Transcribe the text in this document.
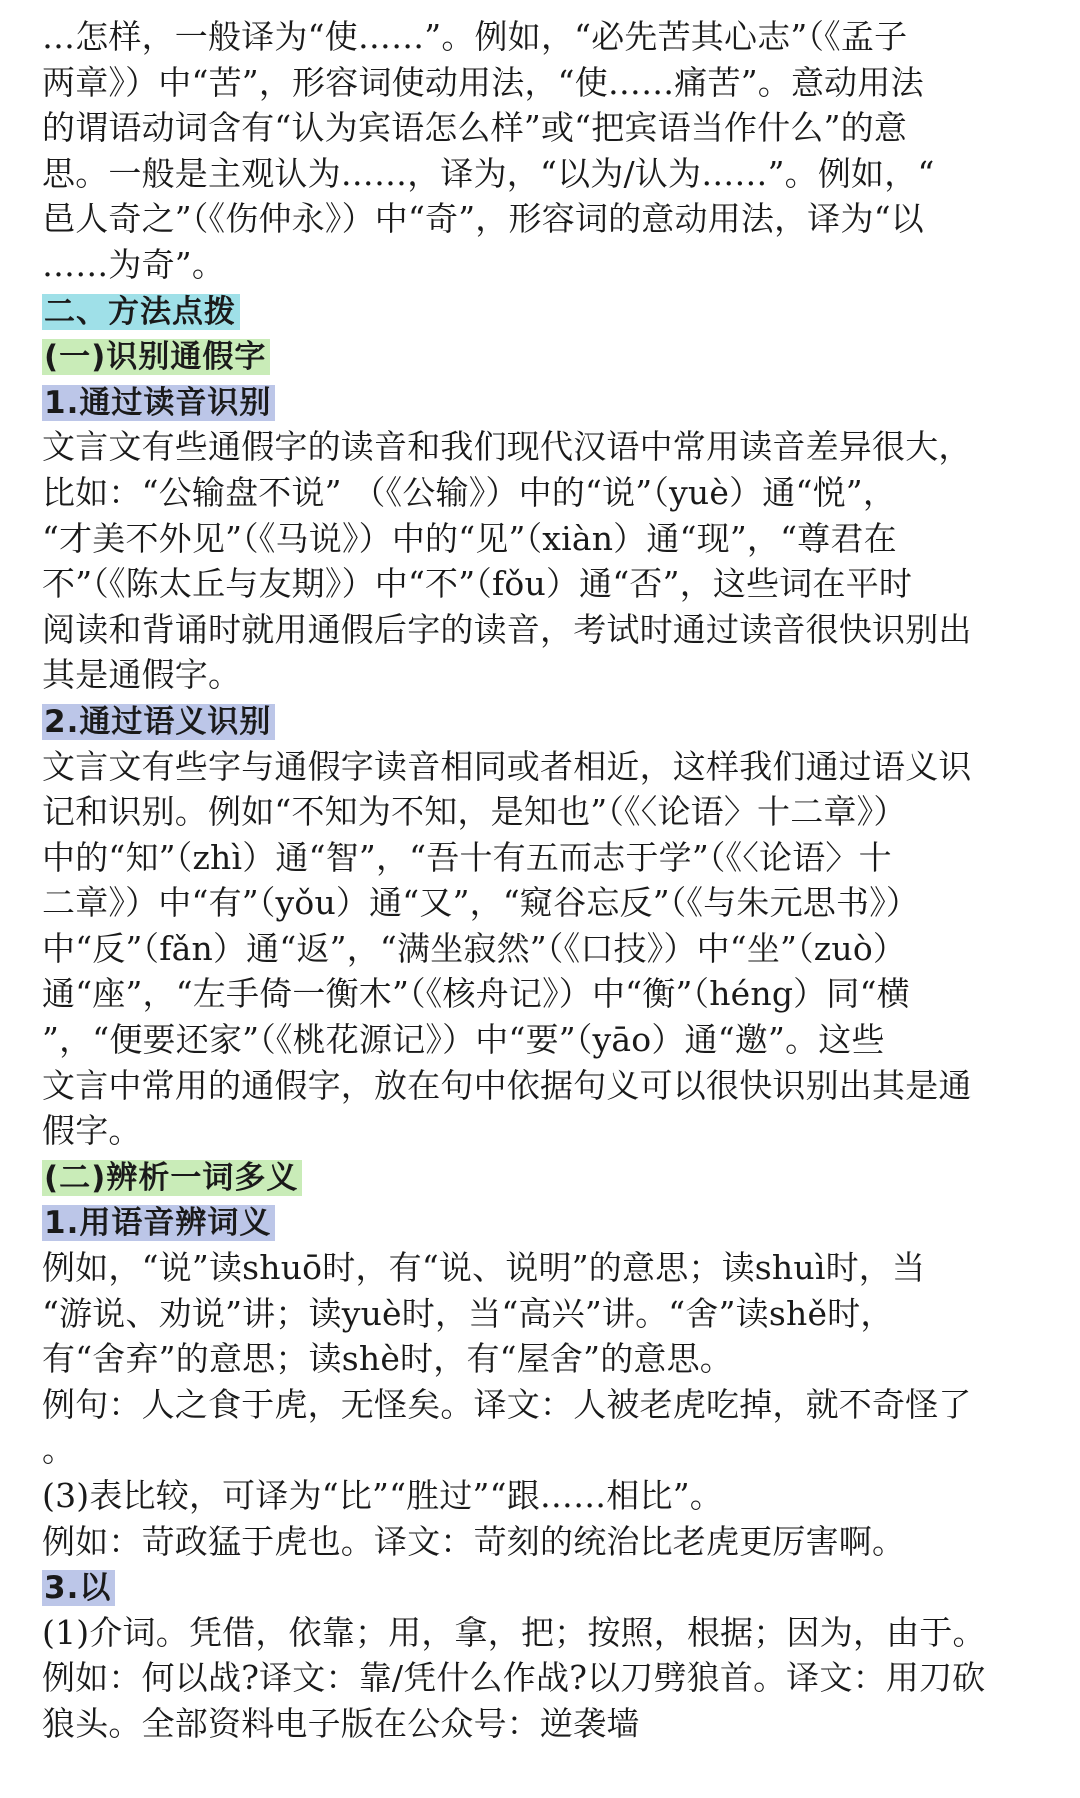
…怎样，一般译为“使……”。例如，“必先苦其心志”（《孟子
两章》）中“苦”，形容词使动用法，“使……痛苦”。意动用法
的谓语动词含有“认为宾语怎么样”或“把宾语当作什么”的意
思。一般是主观认为……，译为，“以为/认为……”。例如，“
邑人奇之”（《伤仲永》）中“奇”，形容词的意动用法，译为“以
……为奇”。
二、方法点拨
(一)识别通假字
1.通过读音识别
文言文有些通假字的读音和我们现代汉语中常用读音差异很大，
比如：“公输盘不说” （《公输》）中的“说”（yuè）通“悦”，
“才美不外见”（《马说》）中的“见”（xiàn）通“现”，“尊君在
不”（《陈太丘与友期》）中“不”（fǒu）通“否”，这些词在平时
阅读和背诵时就用通假后字的读音，考试时通过读音很快识别出
其是通假字。
2.通过语义识别
文言文有些字与通假字读音相同或者相近，这样我们通过语义识
记和识别。例如“不知为不知，是知也”（《〈论语〉十二章》）
中的“知”（zhì）通“智”，“吾十有五而志于学”（《〈论语〉十
二章》）中“有”（yǒu）通“又”，“窥谷忘反”（《与朱元思书》）
中“反”（fǎn）通“返”，“满坐寂然”（《口技》）中“坐”（zuò）
通“座”，“左手倚一衡木”（《核舟记》）中“衡”（héng）同“横
”，“便要还家”（《桃花源记》）中“要”（yāo）通“邀”。这些
文言中常用的通假字，放在句中依据句义可以很快识别出其是通
假字。
(二)辨析一词多义
1.用语音辨词义
例如，“说”读shuō时，有“说、说明”的意思；读shuì时，当
“游说、劝说”讲；读yuè时，当“高兴”讲。“舍”读shě时，
有“舍弃”的意思；读shè时，有“屋舍”的意思。
例句：人之食于虎，无怪矣。译文：人被老虎吃掉，就不奇怪了
。
(3)表比较，可译为“比”“胜过”“跟……相比”。
例如：苛政猛于虎也。译文：苛刻的统治比老虎更厉害啊。
3.以
(1)介词。凭借，依靠；用，拿，把；按照，根据；因为，由于。
例如：何以战?译文：靠/凭什么作战?以刀劈狼首。译文：用刀砍
狼头。全部资料电子版在公众号：逆袭墙
